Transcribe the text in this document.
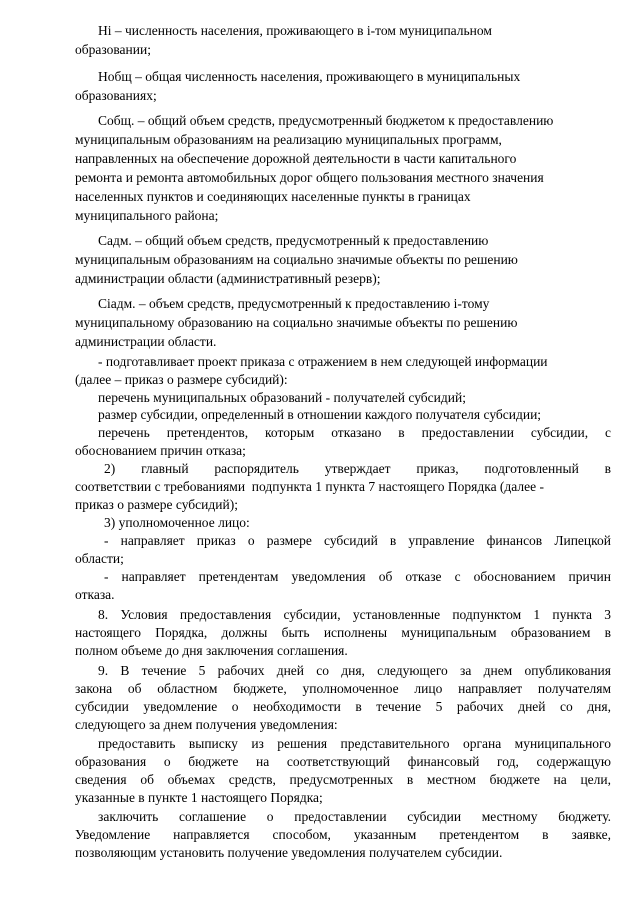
Hi – численность населения, проживающего в i-том муниципальном
образовании;
Нобщ – общая численность населения, проживающего в муниципальных
образованиях;
Собщ. – общий объем средств, предусмотренный бюджетом к предоставлению
муниципальным образованиям на реализацию муниципальных программ,
направленных на обеспечение дорожной деятельности в части капитального
ремонта и ремонта автомобильных дорог общего пользования местного значения
населенных пунктов и соединяющих населенные пункты в границах
муниципального района;
Садм. – общий объем средств, предусмотренный к предоставлению
муниципальным образованиям на социально значимые объекты по решению
администрации области (административный резерв);
Сiадм. – объем средств, предусмотренный к предоставлению i-тому
муниципальному образованию на социально значимые объекты по решению
администрации области.
- подготавливает проект приказа с отражением в нем следующей информации
(далее – приказ о размере субсидий):
перечень муниципальных образований - получателей субсидий;
размер субсидии, определенный в отношении каждого получателя субсидии;
перечень претендентов, которым отказано в предоставлении субсидии, с
обоснованием причин отказа;
2) главный распорядитель утверждает приказ, подготовленный в
соответствии с требованиями  подпункта 1 пункта 7 настоящего Порядка (далее -
приказ о размере субсидий);
3) уполномоченное лицо:
- направляет приказ о размере субсидий в управление финансов Липецкой
области;
- направляет претендентам уведомления об отказе с обоснованием причин
отказа.
8. Условия предоставления субсидии, установленные подпунктом 1 пункта 3
настоящего Порядка, должны быть исполнены муниципальным образованием в
полном объеме до дня заключения соглашения.
9. В течение 5 рабочих дней со дня, следующего за днем опубликования
закона об областном бюджете, уполномоченное лицо направляет получателям
субсидии уведомление о необходимости в течение 5 рабочих дней со дня,
следующего за днем получения уведомления:
предоставить выписку из решения представительного органа муниципального
образования о бюджете на соответствующий финансовый год, содержащую
сведения об объемах средств, предусмотренных в местном бюджете на цели,
указанные в пункте 1 настоящего Порядка;
заключить соглашение о предоставлении субсидии местному бюджету.
Уведомление направляется способом, указанным претендентом в заявке,
позволяющим установить получение уведомления получателем субсидии.
